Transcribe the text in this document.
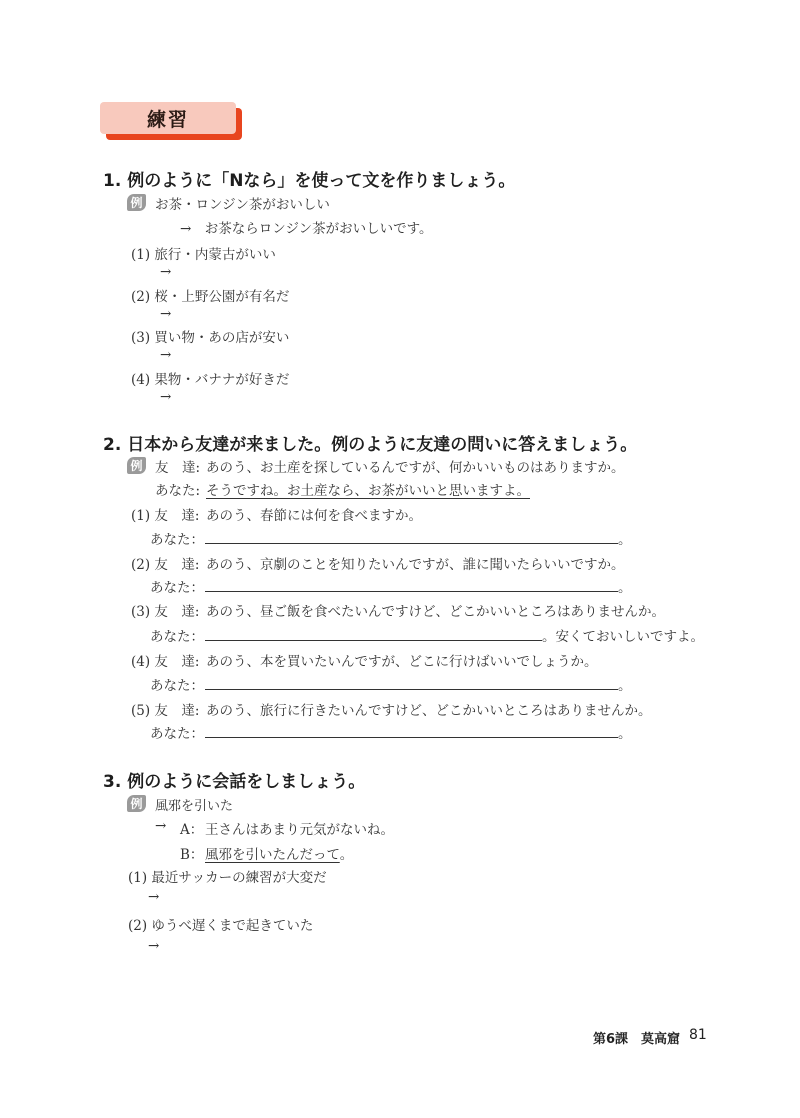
練習
1. 例のように「Nなら」を使って文を作りましょう。
例 お茶・ロンジン茶がおいしい
→　お茶ならロンジン茶がおいしいです。
(1) 旅行・内蒙古がいい
→
(2) 桜・上野公園が有名だ
→
(3) 買い物・あの店が安い
→
(4) 果物・バナナが好きだ
→
2. 日本から友達が来ました。例のように友達の問いに答えましょう。
例 友　達: あのう、お土産を探しているんですが、何かいいものはありますか。
あなた: そうですね。お土産なら、お茶がいいと思いますよ。
(1) 友　達: あのう、春節には何を食べますか。
あなた：	。
(2) 友　達: あのう、京劇のことを知りたいんですが、誰に聞いたらいいですか。
あなた：	。
(3) 友　達: あのう、昼ご飯を食べたいんですけど、どこかいいところはありませんか。
あなた：	。安くておいしいですよ。
(4) 友　達: あのう、本を買いたいんですが、どこに行けばいいでしょうか。
あなた：	。
(5) 友　達: あのう、旅行に行きたいんですけど、どこかいいところはありませんか。
あなた：	。
3. 例のように会話をしましょう。
例 風邪を引いた
→ A： 王さんはあまり元気がないね。
B： 風邪を引いたんだって。
(1) 最近サッカーの練習が大変だ
→
(2) ゆうべ遅くまで起きていた
→
第6課　莫高窟 81
